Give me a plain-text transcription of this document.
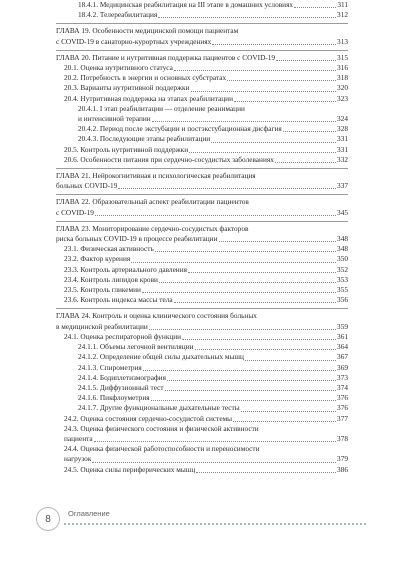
18.4.1. Медицинская реабилитация на III этапе в домашних условиях	311
18.4.2. Телереабилитация	312
ГЛАВА 19. Особенности медицинской помощи пациентам
с COVID-19 в санаторно-курортных учреждениях	313
ГЛАВА 20. Питание и нутритивная поддержка пациентов с COVID-19	315
20.1. Оценка нутритивного статуса	316
20.2. Потребность в энергии и основных субстратах	318
20.3. Варианты нутритивной поддержки	320
20.4. Нутритивная поддержка на этапах реабилитации	323
20.4.1. I этап реабилитации — отделение реанимации
и интенсивной терапии	324
20.4.2. Период после экстубации и постэкстубационная дисфагия	328
20.4.3. Последующие этапы реабилитации	331
20.5. Контроль нутритивной поддержки	331
20.6. Особенности питания при сердечно-сосудистых заболеваниях	332
ГЛАВА 21. Нейрокогнитивная и психологическая реабилитация
больных COVID-19	337
ГЛАВА 22. Образовательный аспект реабилитации пациентов
с COVID-19	345
ГЛАВА 23. Мониторирование сердечно-сосудистых факторов
риска больных COVID-19 в процессе реабилитации	348
23.1. Физическая активность	348
23.2. Фактор курения	350
23.3. Контроль артериального давления	352
23.4. Контроль липидов крови	353
23.5. Контроль гликемии	355
23.6. Контроль индекса массы тела	356
ГЛАВА 24. Контроль и оценка клинического состояния больных
в медицинской реабилитации	359
24.1. Оценка респираторной функции	361
24.1.1. Объемы легочной вентиляции	364
24.1.2. Определение общей силы дыхательных мышц	367
24.1.3. Спирометрия	369
24.1.4. Бодиплетизмография	373
24.1.5. Диффузионный тест	374
24.1.6. Пикфлоуметрия	376
24.1.7. Другие функциональные дыхательные тесты	376
24.2. Оценка состояния сердечно-сосудистой системы	377
24.3. Оценка физического состояния и физической активности
пациента	378
24.4. Оценка физической работоспособности и переносимости
нагрузок	379
24.5. Оценка силы периферических мышц	386
8	Оглавление
